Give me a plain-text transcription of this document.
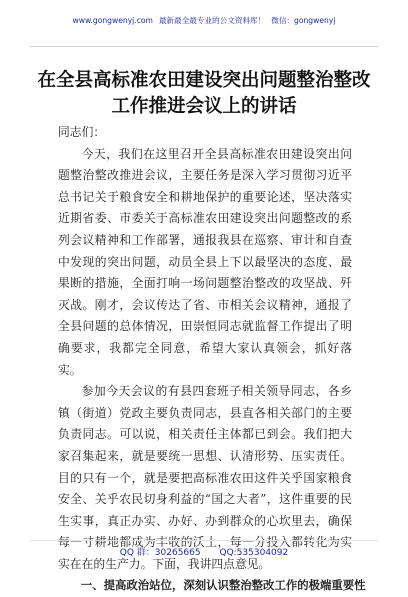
www.gongwenyj.com 最新最全最专业的公文资料库！ 微信：gongwenyj
在全县高标准农田建设突出问题整治整改
工作推进会议上的讲话

同志们：

今天，我们在这里召开全县高标准农田建设突出问题整治整改推进会议，主要任务是深入学习贯彻习近平总书记关于粮食安全和耕地保护的重要论述，坚决落实近期省委、市委关于高标准农田建设突出问题整改的系列会议精神和工作部署，通报我县在巡察、审计和自查中发现的突出问题，动员全县上下以最坚决的态度、最果断的措施，全面打响一场问题整治整改的攻坚战、歼灭战。刚才，会议传达了省、市相关会议精神，通报了全县问题的总体情况，田崇恒同志就监督工作提出了明确要求，我都完全同意，希望大家认真领会，抓好落实。

参加今天会议的有县四套班子相关领导同志，各乡镇（街道）党政主要负责同志，县直各相关部门的主要负责同志。可以说，相关责任主体都已到会。我们把大家召集起来，就是要统一思想、认清形势、压实责任。目的只有一个，就是要把高标准农田这件关乎国家粮食安全、关乎农民切身利益的“国之大者”，这件重要的民生实事，真正办实、办好、办到群众的心坎里去，确保每一寸耕地都成为丰收的沃土，每一分投入都转化为实实在在的生产力。下面，我讲四点意见。

一、提高政治站位，深刻认识整治整改工作的极端重要性

QQ 群：30265665 QQ:535304092
